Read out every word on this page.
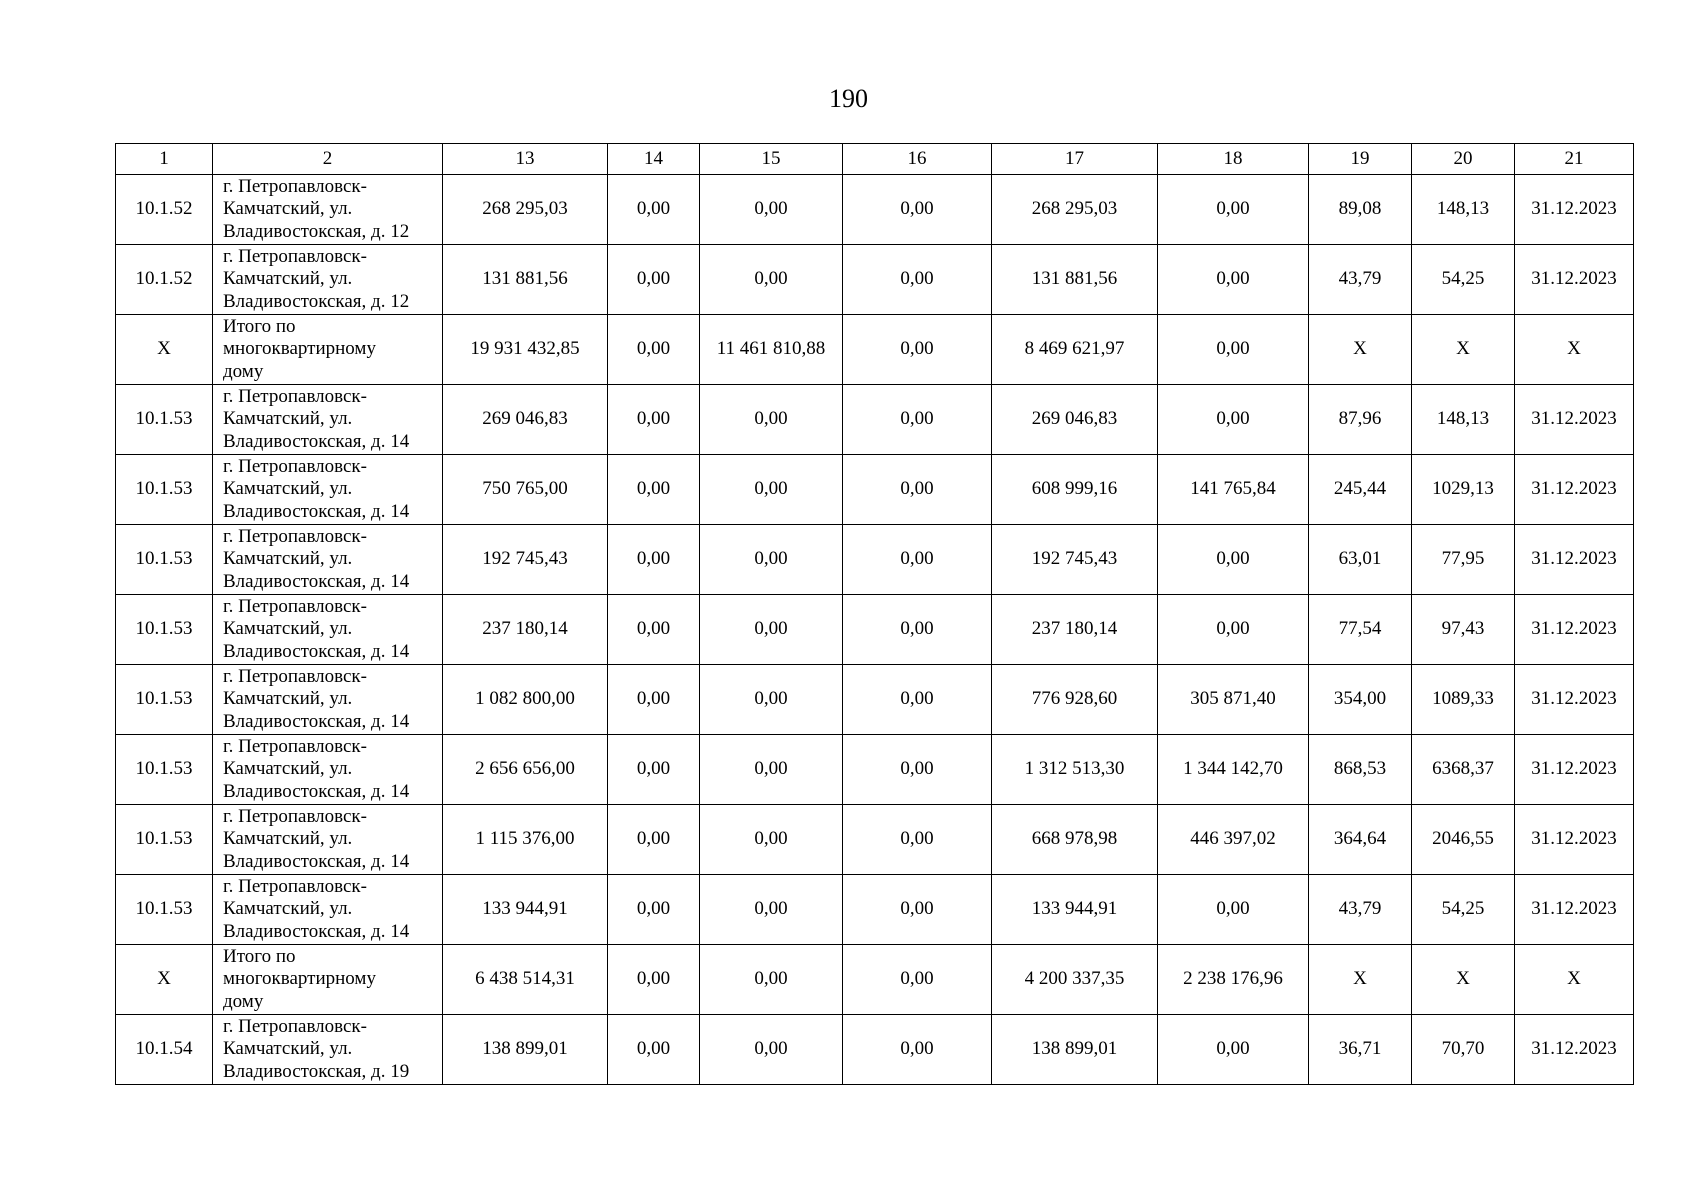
190
1	2	13	14	15	16	17	18	19	20	21
10.1.52	г. Петропавловск-
Камчатский, ул.
Владивостокская, д. 12	268 295,03	0,00	0,00	0,00	268 295,03	0,00	89,08	148,13	31.12.2023
10.1.52	г. Петропавловск-
Камчатский, ул.
Владивостокская, д. 12	131 881,56	0,00	0,00	0,00	131 881,56	0,00	43,79	54,25	31.12.2023
Х	Итого по
многоквартирному
дому	19 931 432,85	0,00	11 461 810,88	0,00	8 469 621,97	0,00	Х	Х	Х
10.1.53	г. Петропавловск-
Камчатский, ул.
Владивостокская, д. 14	269 046,83	0,00	0,00	0,00	269 046,83	0,00	87,96	148,13	31.12.2023
10.1.53	г. Петропавловск-
Камчатский, ул.
Владивостокская, д. 14	750 765,00	0,00	0,00	0,00	608 999,16	141 765,84	245,44	1029,13	31.12.2023
10.1.53	г. Петропавловск-
Камчатский, ул.
Владивостокская, д. 14	192 745,43	0,00	0,00	0,00	192 745,43	0,00	63,01	77,95	31.12.2023
10.1.53	г. Петропавловск-
Камчатский, ул.
Владивостокская, д. 14	237 180,14	0,00	0,00	0,00	237 180,14	0,00	77,54	97,43	31.12.2023
10.1.53	г. Петропавловск-
Камчатский, ул.
Владивостокская, д. 14	1 082 800,00	0,00	0,00	0,00	776 928,60	305 871,40	354,00	1089,33	31.12.2023
10.1.53	г. Петропавловск-
Камчатский, ул.
Владивостокская, д. 14	2 656 656,00	0,00	0,00	0,00	1 312 513,30	1 344 142,70	868,53	6368,37	31.12.2023
10.1.53	г. Петропавловск-
Камчатский, ул.
Владивостокская, д. 14	1 115 376,00	0,00	0,00	0,00	668 978,98	446 397,02	364,64	2046,55	31.12.2023
10.1.53	г. Петропавловск-
Камчатский, ул.
Владивостокская, д. 14	133 944,91	0,00	0,00	0,00	133 944,91	0,00	43,79	54,25	31.12.2023
Х	Итого по
многоквартирному
дому	6 438 514,31	0,00	0,00	0,00	4 200 337,35	2 238 176,96	Х	Х	Х
10.1.54	г. Петропавловск-
Камчатский, ул.
Владивостокская, д. 19	138 899,01	0,00	0,00	0,00	138 899,01	0,00	36,71	70,70	31.12.2023
